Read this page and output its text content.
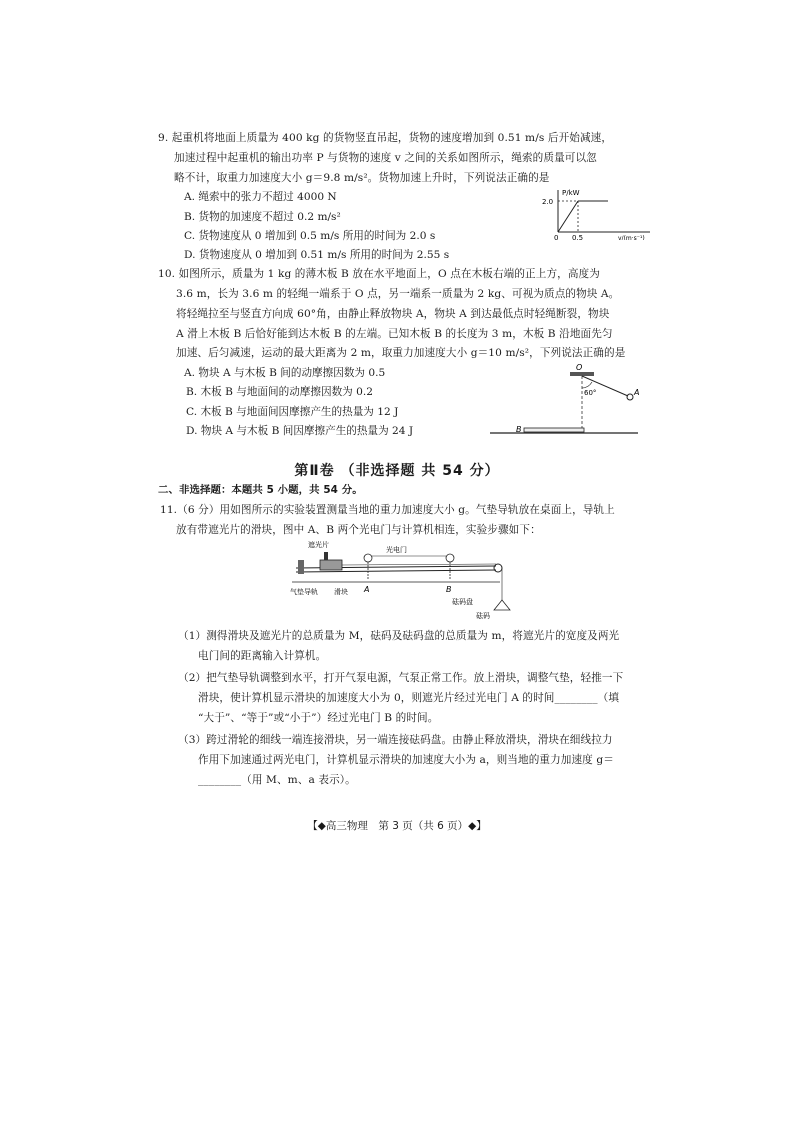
9. 起重机将地面上质量为 400 kg 的货物竖直吊起，货物的速度增加到 0.51 m/s 后开始减速，
加速过程中起重机的输出功率 P 与货物的速度 v 之间的关系如图所示，绳索的质量可以忽
略不计，取重力加速度大小 g＝9.8 m/s²。货物加速上升时，下列说法正确的是
A. 绳索中的张力不超过 4000 N
B. 货物的加速度不超过 0.2 m/s²
C. 货物速度从 0 增加到 0.5 m/s 所用的时间为 2.0 s
D. 货物速度从 0 增加到 0.51 m/s 所用的时间为 2.55 s
P/kW
2.0
0 0.5	v/(m·s⁻¹)
10. 如图所示，质量为 1 kg 的薄木板 B 放在水平地面上，O 点在木板右端的正上方，高度为
3.6 m，长为 3.6 m 的轻绳一端系于 O 点，另一端系一质量为 2 kg、可视为质点的物块 A。
将轻绳拉至与竖直方向成 60°角，由静止释放物块 A，物块 A 到达最低点时轻绳断裂，物块
A 滑上木板 B 后恰好能到达木板 B 的左端。已知木板 B 的长度为 3 m，木板 B 沿地面先匀
加速、后匀减速，运动的最大距离为 2 m，取重力加速度大小 g＝10 m/s²，下列说法正确的是
A. 物块 A 与木板 B 间的动摩擦因数为 0.5
B. 木板 B 与地面间的动摩擦因数为 0.2
C. 木板 B 与地面间因摩擦产生的热量为 12 J
D. 物块 A 与木板 B 间因摩擦产生的热量为 24 J
O
60°	A
B
第Ⅱ卷 （非选择题 共 54 分）
二、非选择题：本题共 5 小题，共 54 分。
11.（6 分）用如图所示的实验装置测量当地的重力加速度大小 g。气垫导轨放在桌面上，导轨上
放有带遮光片的滑块，图中 A、B 两个光电门与计算机相连，实验步骤如下：
遮光片
光电门
气垫导轨 滑块 A	B
砝码盘
砝码
（1）测得滑块及遮光片的总质量为 M，砝码及砝码盘的总质量为 m，将遮光片的宽度及两光
电门间的距离输入计算机。
（2）把气垫导轨调整到水平，打开气泵电源，气泵正常工作。放上滑块，调整气垫，轻推一下
滑块，使计算机显示滑块的加速度大小为 0，则遮光片经过光电门 A 的时间________（填
“大于”、“等于”或“小于”）经过光电门 B 的时间。
（3）跨过滑轮的细线一端连接滑块，另一端连接砝码盘。由静止释放滑块，滑块在细线拉力
作用下加速通过两光电门，计算机显示滑块的加速度大小为 a，则当地的重力加速度 g＝
________（用 M、m、a 表示）。
【◆高三物理　第 3 页（共 6 页）◆】
